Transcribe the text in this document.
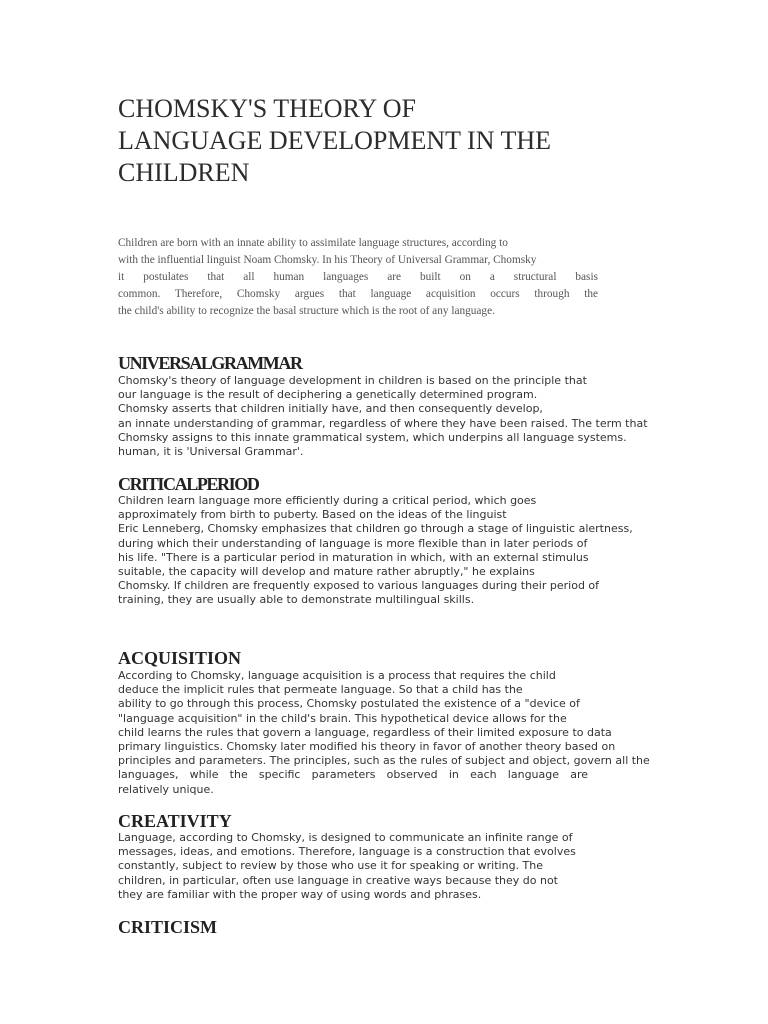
CHOMSKY'S THEORY OF
LANGUAGE DEVELOPMENT IN THE
CHILDREN
Children are born with an innate ability to assimilate language structures, according to
with the influential linguist Noam Chomsky. In his Theory of Universal Grammar, Chomsky
it postulates that all human languages are built on a structural basis
common. Therefore, Chomsky argues that language acquisition occurs through the
the child's ability to recognize the basal structure which is the root of any language.
UNIVERSALGRAMMAR
Chomsky's theory of language development in children is based on the principle that
our language is the result of deciphering a genetically determined program.
Chomsky asserts that children initially have, and then consequently develop,
an innate understanding of grammar, regardless of where they have been raised. The term that
Chomsky assigns to this innate grammatical system, which underpins all language systems.
human, it is 'Universal Grammar'.
CRITICALPERIOD
Children learn language more efficiently during a critical period, which goes
approximately from birth to puberty. Based on the ideas of the linguist
Eric Lenneberg, Chomsky emphasizes that children go through a stage of linguistic alertness,
during which their understanding of language is more flexible than in later periods of
his life. "There is a particular period in maturation in which, with an external stimulus
suitable, the capacity will develop and mature rather abruptly," he explains
Chomsky. If children are frequently exposed to various languages during their period of
training, they are usually able to demonstrate multilingual skills.
ACQUISITION
According to Chomsky, language acquisition is a process that requires the child
deduce the implicit rules that permeate language. So that a child has the
ability to go through this process, Chomsky postulated the existence of a "device of
"language acquisition" in the child's brain. This hypothetical device allows for the
child learns the rules that govern a language, regardless of their limited exposure to data
primary linguistics. Chomsky later modified his theory in favor of another theory based on
principles and parameters. The principles, such as the rules of subject and object, govern all the
languages, while the specific parameters observed in each language are
relatively unique.
CREATIVITY
Language, according to Chomsky, is designed to communicate an infinite range of
messages, ideas, and emotions. Therefore, language is a construction that evolves
constantly, subject to review by those who use it for speaking or writing. The
children, in particular, often use language in creative ways because they do not
they are familiar with the proper way of using words and phrases.
CRITICISM
